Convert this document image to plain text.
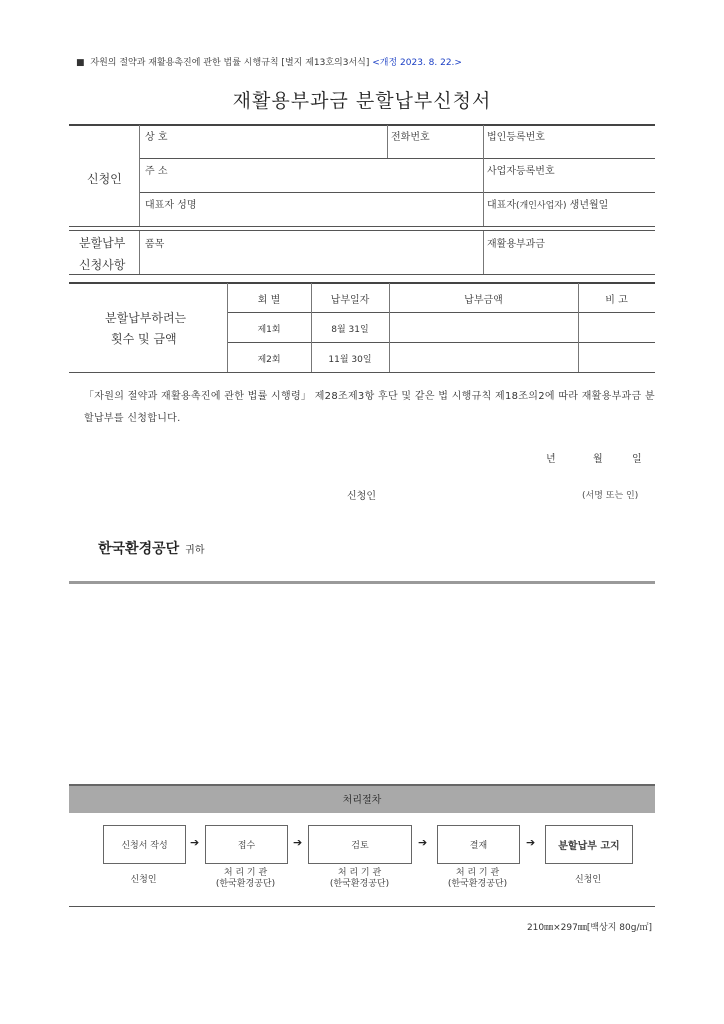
■ 자원의 절약과 재활용촉진에 관한 법률 시행규칙 [별지 제13호의3서식] <개정 2023. 8. 22.>
재활용부과금 분할납부신청서
신청인
상 호	전화번호	법인등록번호
주 소	사업자등록번호
대표자 성명	대표자(개인사업자) 생년월일
분할납부
신청사항
품목	재활용부과금
분할납부하려는
횟수 및 금액
회 별	납부일자	납부금액	비 고
제1회	8월 31일
제2회	11월 30일
「자원의 절약과 재활용촉진에 관한 법률 시행령」 제28조제3항 후단 및 같은 법 시행규칙 제18조의2에 따라 재활용부과금 분할납부를 신청합니다.
년	월	일
신청인	(서명 또는 인)
한국환경공단 귀하
처리절차
신청서 작성	➔	접수	➔	검토	➔	결재	➔	분할납부 고지
신청인
처 리 기 관
(한국환경공단)
처 리 기 관
(한국환경공단)
처 리 기 관
(한국환경공단)	신청인
210㎜×297㎜[백상지 80g/㎡]
